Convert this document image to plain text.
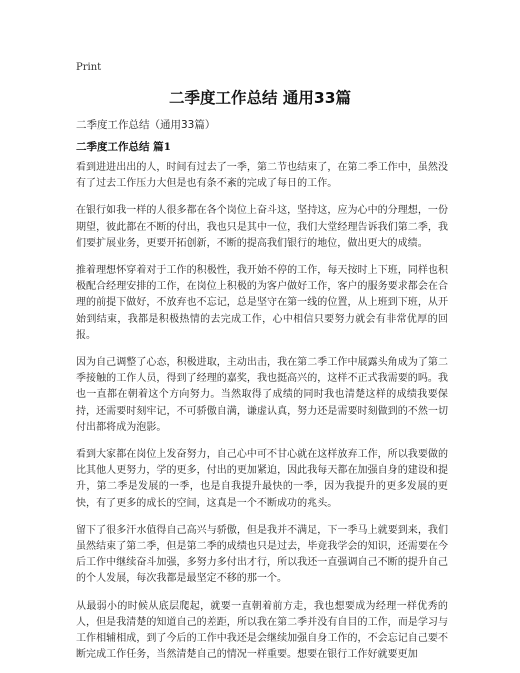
Print
二季度工作总结 通用33篇
二季度工作总结（通用33篇）
二季度工作总结 篇1

看到进进出出的人，时间有过去了一季，第二节也结束了，在第二季工作中，虽然没有了过去工作压力大但是也有条不紊的完成了每日的工作。

在银行如我一样的人很多都在各个岗位上奋斗这，坚持这，应为心中的分理想，一份期望，彼此都在不断的付出，我也只是其中一位，我们大堂经理告诉我们第二季，我们要扩展业务，更要开拓创新，不断的提高我们银行的地位，做出更大的成绩。

推着理想怀穿着对于工作的积极性，我开始不停的工作，每天按时上下班，同样也积极配合经理安排的工作，在岗位上积极的为客户做好工作，客户的服务要求都会在合理的前提下做好，不放弃也不忘记，总是坚守在第一线的位置，从上班到下班，从开始到结束，我都是积极热情的去完成工作，心中相信只要努力就会有非常优厚的回报。

因为自己调整了心态，积极进取，主动出击，我在第二季工作中展露头角成为了第二季接触的工作人员，得到了经理的嘉奖，我也挺高兴的，这样不正式我需要的吗。我也一直都在朝着这个方向努力。当然取得了成绩的同时我也清楚这样的成绩我要保持，还需要时刻牢记，不可骄傲自满，谦虚认真，努力还是需要时刻做到的不然一切付出都将成为泡影。

看到大家都在岗位上发奋努力，自己心中可不甘心就在这样放弃工作，所以我要做的比其他人更努力，学的更多，付出的更加紧迫，因此我每天都在加强自身的建设和提升，第二季是发展的一季，也是自我提升最快的一季，因为我提升的更多发展的更快，有了更多的成长的空间，这真是一个不断成功的兆头。

留下了很多汗水值得自己高兴与骄傲，但是我并不满足，下一季马上就要到来，我们虽然结束了第二季，但是第二季的成绩也只是过去，毕竟我学会的知识，还需要在今后工作中继续奋斗加强，多努力多付出才行，所以我还一直强调自己不断的提升自己的个人发展，每次我都是最坚定不移的那一个。

从最弱小的时候从底层爬起，就要一直朝着前方走，我也想要成为经理一样优秀的人，但是我清楚的知道自己的差距，所以我在第二季并没有自目的工作，而是学习与工作相辅相成，到了今后的工作中我还是会继续加强自身工作的，不会忘记自己要不断完成工作任务，当然清楚自己的情况一样重要。想要在银行工作好就要更加
